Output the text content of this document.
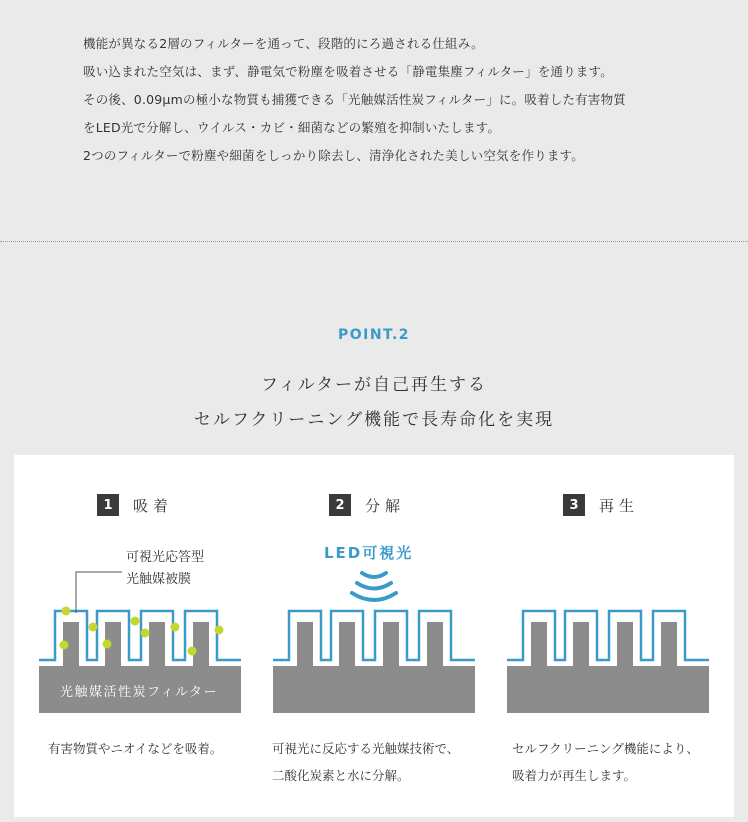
機能が異なる2層のフィルターを通って、段階的にろ過される仕組み。

吸い込まれた空気は、まず、静電気で粉塵を吸着させる「静電集塵フィルター」を通ります。

その後、0.09μmの極小な物質も捕獲できる「光触媒活性炭フィルター」に。吸着した有害物質

をLED光で分解し、ウイルス・カビ・細菌などの繁殖を抑制いたします。

2つのフィルターで粉塵や細菌をしっかり除去し、清浄化された美しい空気を作ります。

POINT.2
フィルターが自己再生する
セルフクリーニング機能で長寿命化を実現
1	吸着

可視光応答型

光触媒被膜

光触媒活性炭フィルター

有害物質やニオイなどを吸着。

2	分解
LED可視光

可視光に反応する光触媒技術で、

二酸化炭素と水に分解。

3	再生

セルフクリーニング機能により、

吸着力が再生します。
